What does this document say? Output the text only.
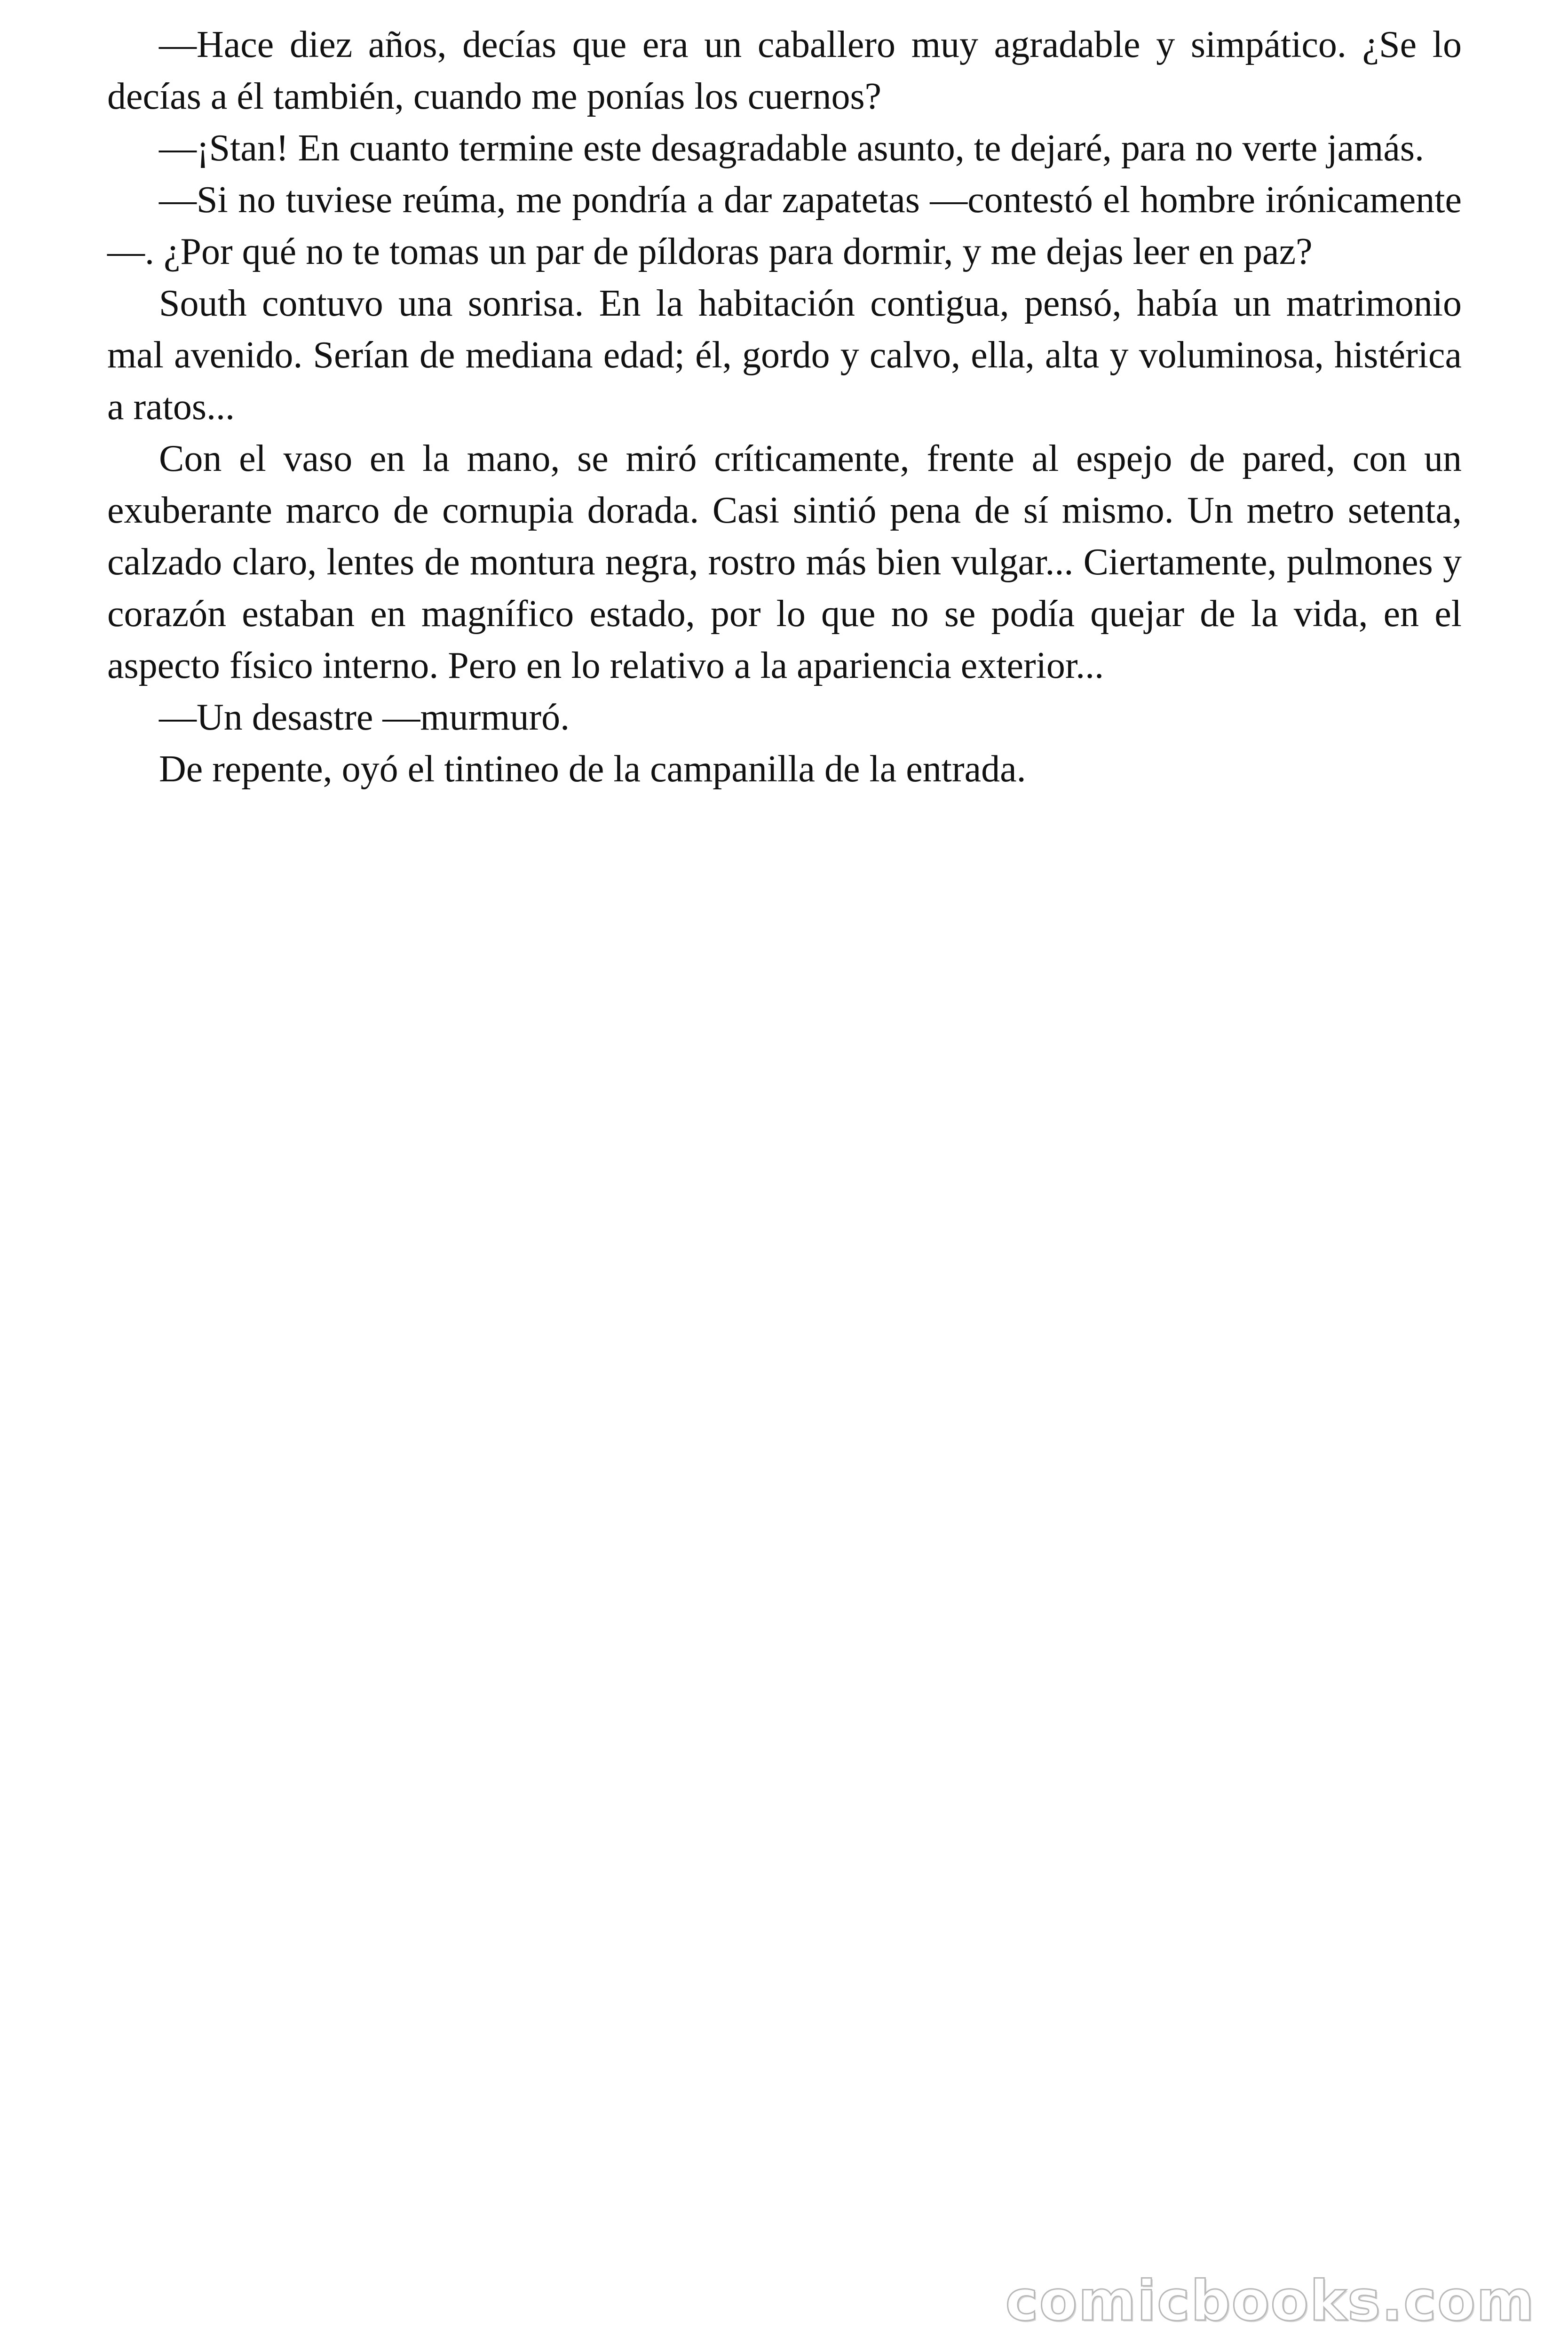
—Hace diez años, decías que era un caballero muy agradable y simpático. ¿Se lo decías a él también, cuando me ponías los cuernos?

—¡Stan! En cuanto termine este desagradable asunto, te dejaré, para no verte jamás.

—Si no tuviese reúma, me pondría a dar zapatetas —contestó el hombre irónicamente—. ¿Por qué no te tomas un par de píldoras para dormir, y me dejas leer en paz?

South contuvo una sonrisa. En la habitación contigua, pensó, había un matrimonio mal avenido. Serían de mediana edad; él, gordo y calvo, ella, alta y voluminosa, histérica a ratos...

Con el vaso en la mano, se miró críticamente, frente al espejo de pared, con un exuberante marco de cornupia dorada. Casi sintió pena de sí mismo. Un metro setenta, calzado claro, lentes de montura negra, rostro más bien vulgar... Ciertamente, pulmones y corazón estaban en magnífico estado, por lo que no se podía quejar de la vida, en el aspecto físico interno. Pero en lo relativo a la apariencia exterior...

—Un desastre —murmuró.

De repente, oyó el tintineo de la campanilla de la entrada.

comicbooks.com
